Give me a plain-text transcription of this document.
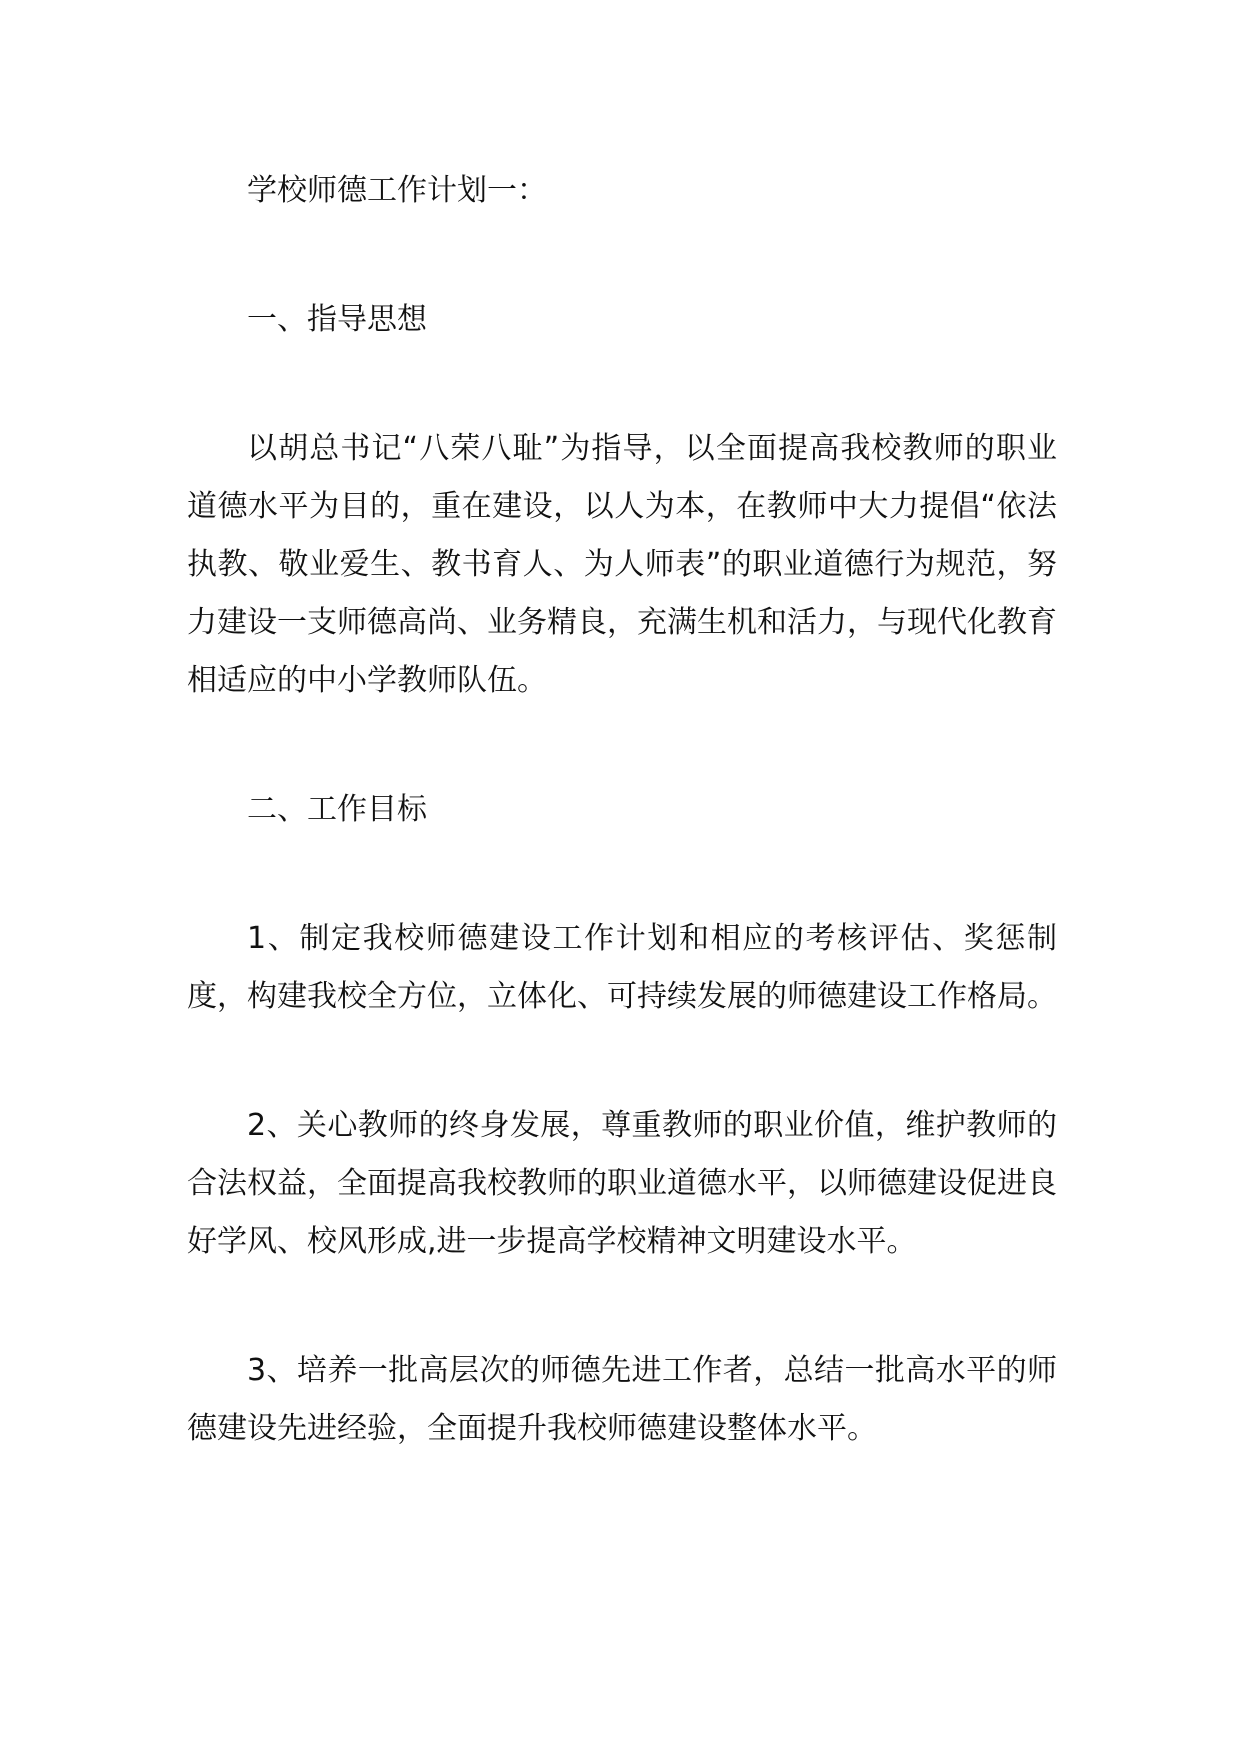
学校师德工作计划一：

一、指导思想

以胡总书记“八荣八耻”为指导，以全面提高我校教师的职业道德水平为目的，重在建设，以人为本，在教师中大力提倡“依法执教、敬业爱生、教书育人、为人师表”的职业道德行为规范，努力建设一支师德高尚、业务精良，充满生机和活力，与现代化教育相适应的中小学教师队伍。

二、工作目标

1、制定我校师德建设工作计划和相应的考核评估、奖惩制度，构建我校全方位，立体化、可持续发展的师德建设工作格局。

2、关心教师的终身发展，尊重教师的职业价值，维护教师的合法权益，全面提高我校教师的职业道德水平，以师德建设促进良好学风、校风形成,进一步提高学校精神文明建设水平。

3、培养一批高层次的师德先进工作者，总结一批高水平的师德建设先进经验，全面提升我校师德建设整体水平。
